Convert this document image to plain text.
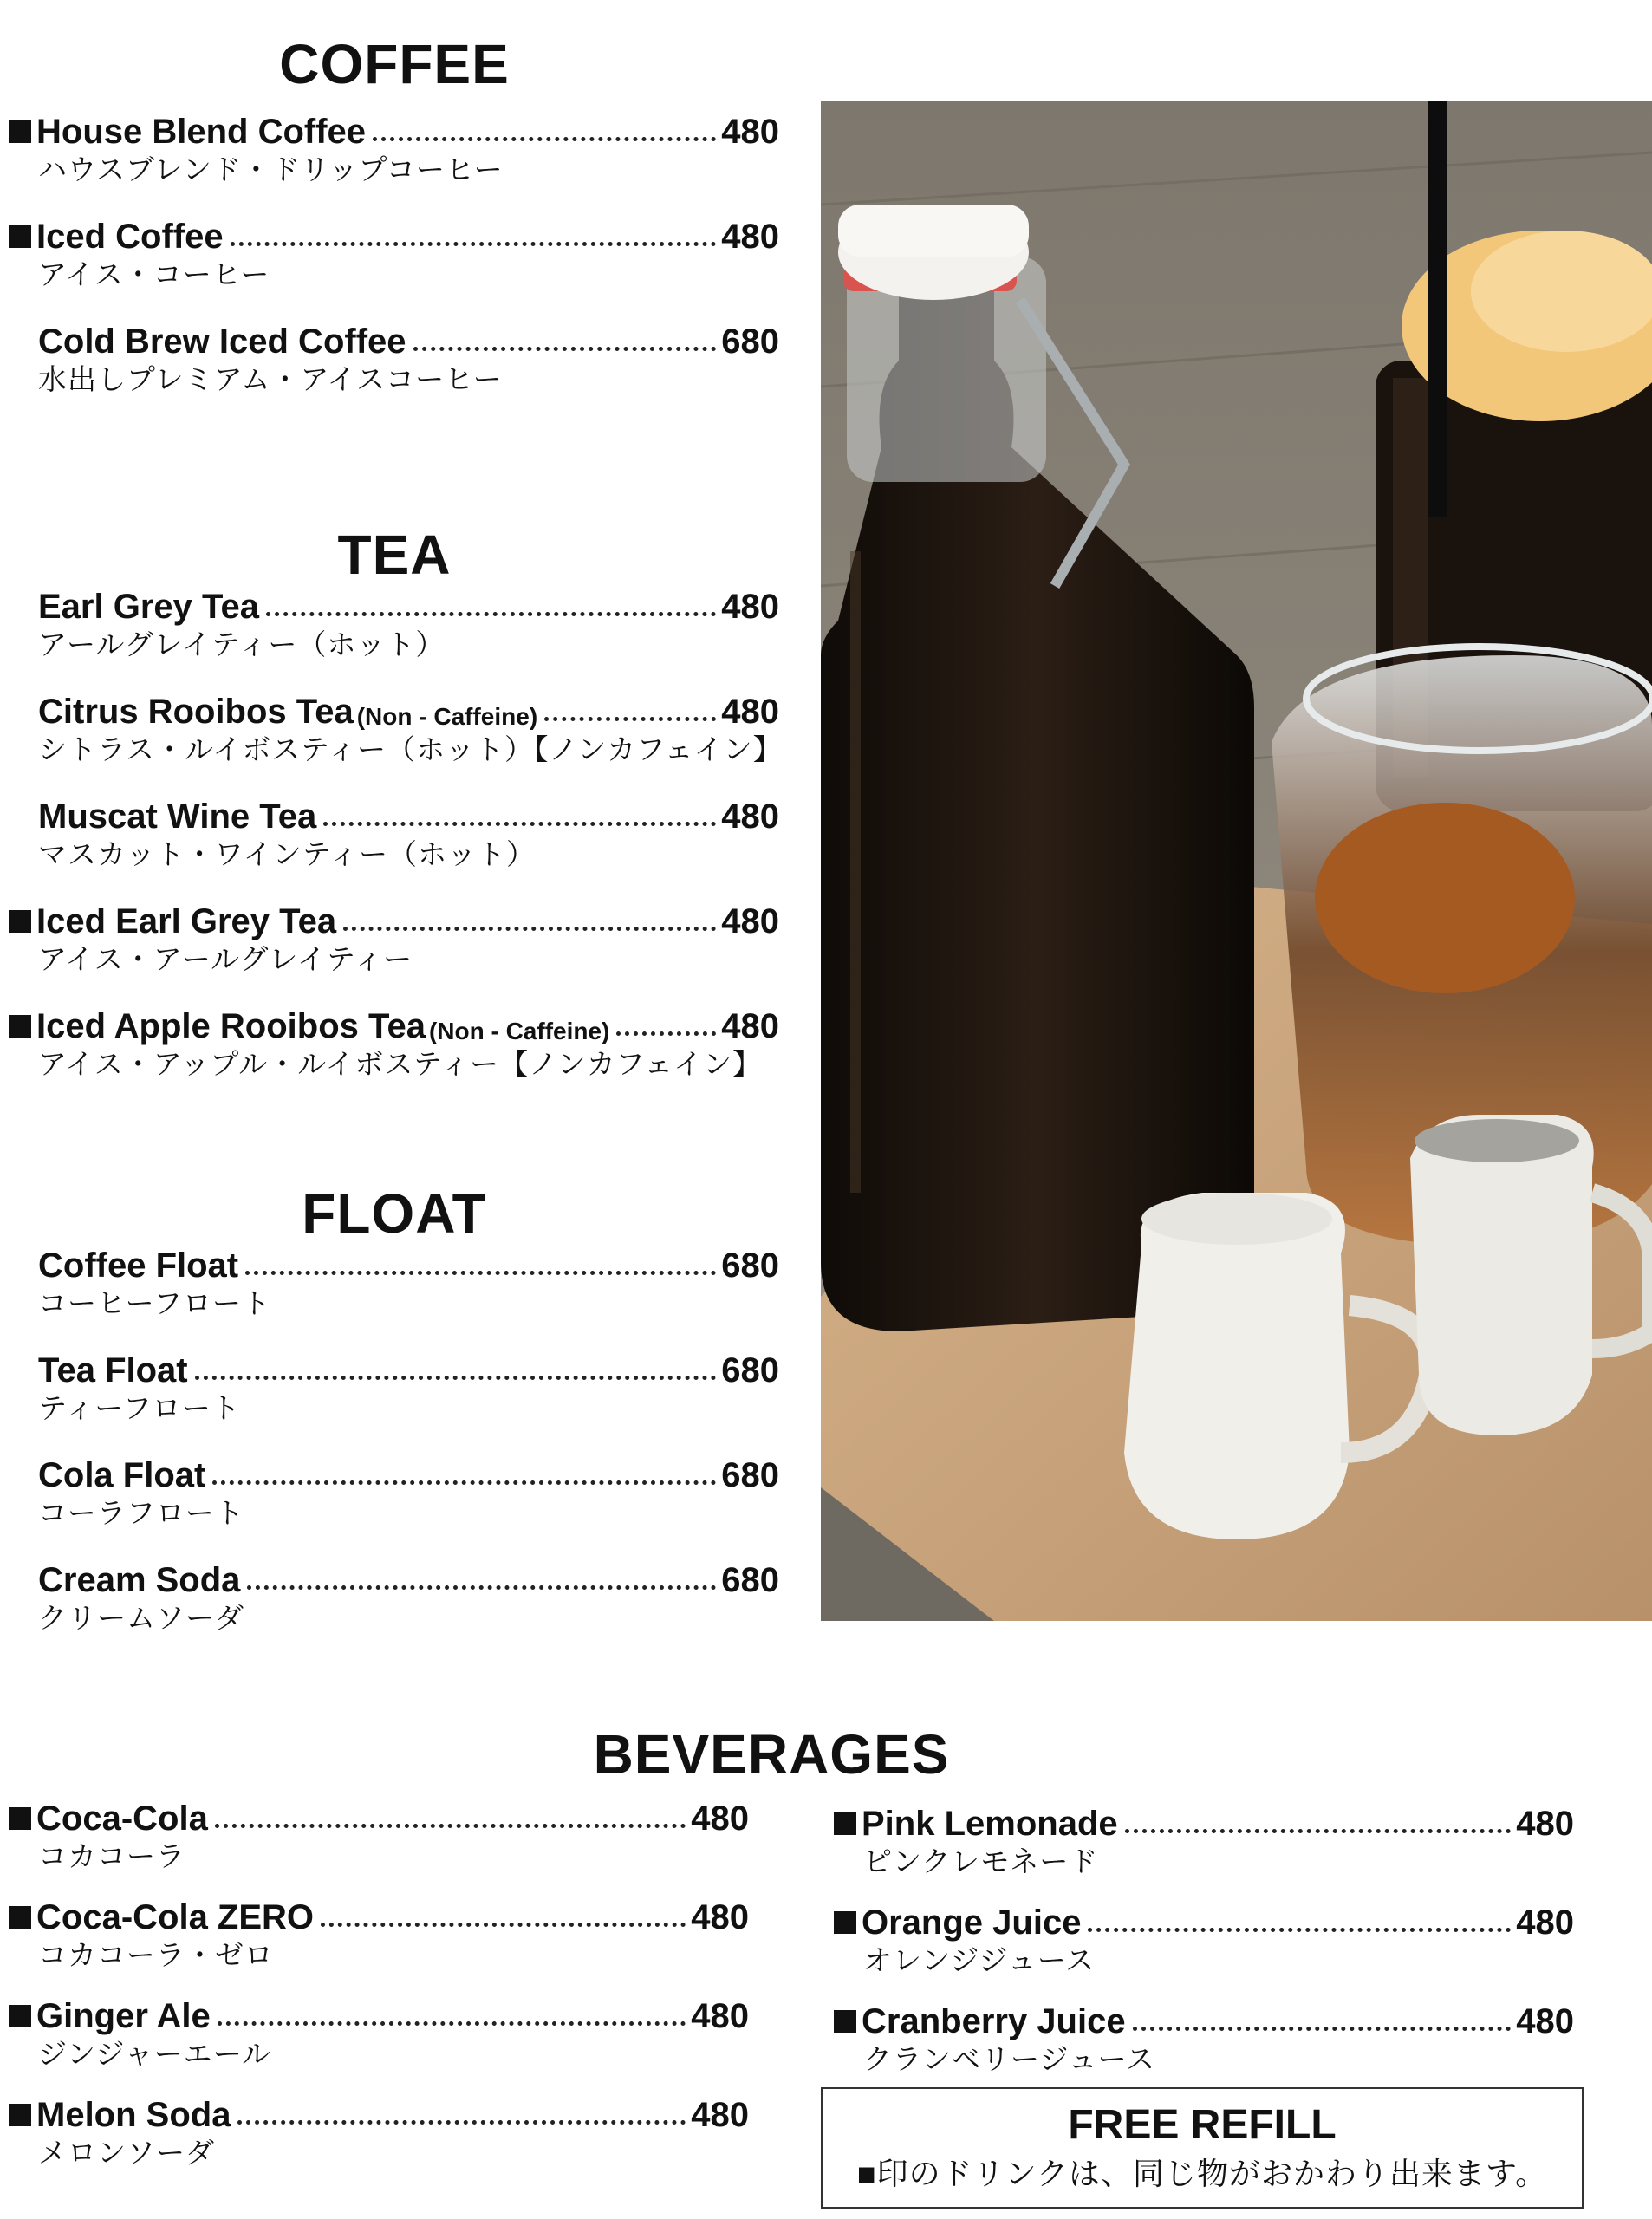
COFFEE
TEA
FLOAT
BEVERAGES
House Blend Coffee	480
ハウスブレンド・ドリップコーヒー
Iced Coffee	480
アイス・コーヒー
Cold Brew Iced Coffee	680
水出しプレミアム・アイスコーヒー
Earl Grey Tea	480
アールグレイティー（ホット）
Citrus Rooibos Tea (Non - Caffeine)	480
シトラス・ルイボスティー（ホット）【ノンカフェイン】
Muscat Wine Tea	480
マスカット・ワインティー（ホット）
Iced Earl Grey Tea	480
アイス・アールグレイティー
Iced Apple Rooibos Tea (Non - Caffeine)	480
アイス・アップル・ルイボスティー【ノンカフェイン】
Coffee Float	680
コーヒーフロート
Tea Float	680
ティーフロート
Cola Float	680
コーラフロート
Cream Soda	680
クリームソーダ
Coca-Cola	480
コカコーラ
Coca-Cola ZERO	480
コカコーラ・ゼロ
Ginger Ale	480
ジンジャーエール
Melon Soda	480
メロンソーダ
Pink Lemonade	480
ピンクレモネード
Orange Juice	480
オレンジジュース
Cranberry Juice	480
クランベリージュース
FREE REFILL
■印のドリンクは、同じ物がおかわり出来ます。
